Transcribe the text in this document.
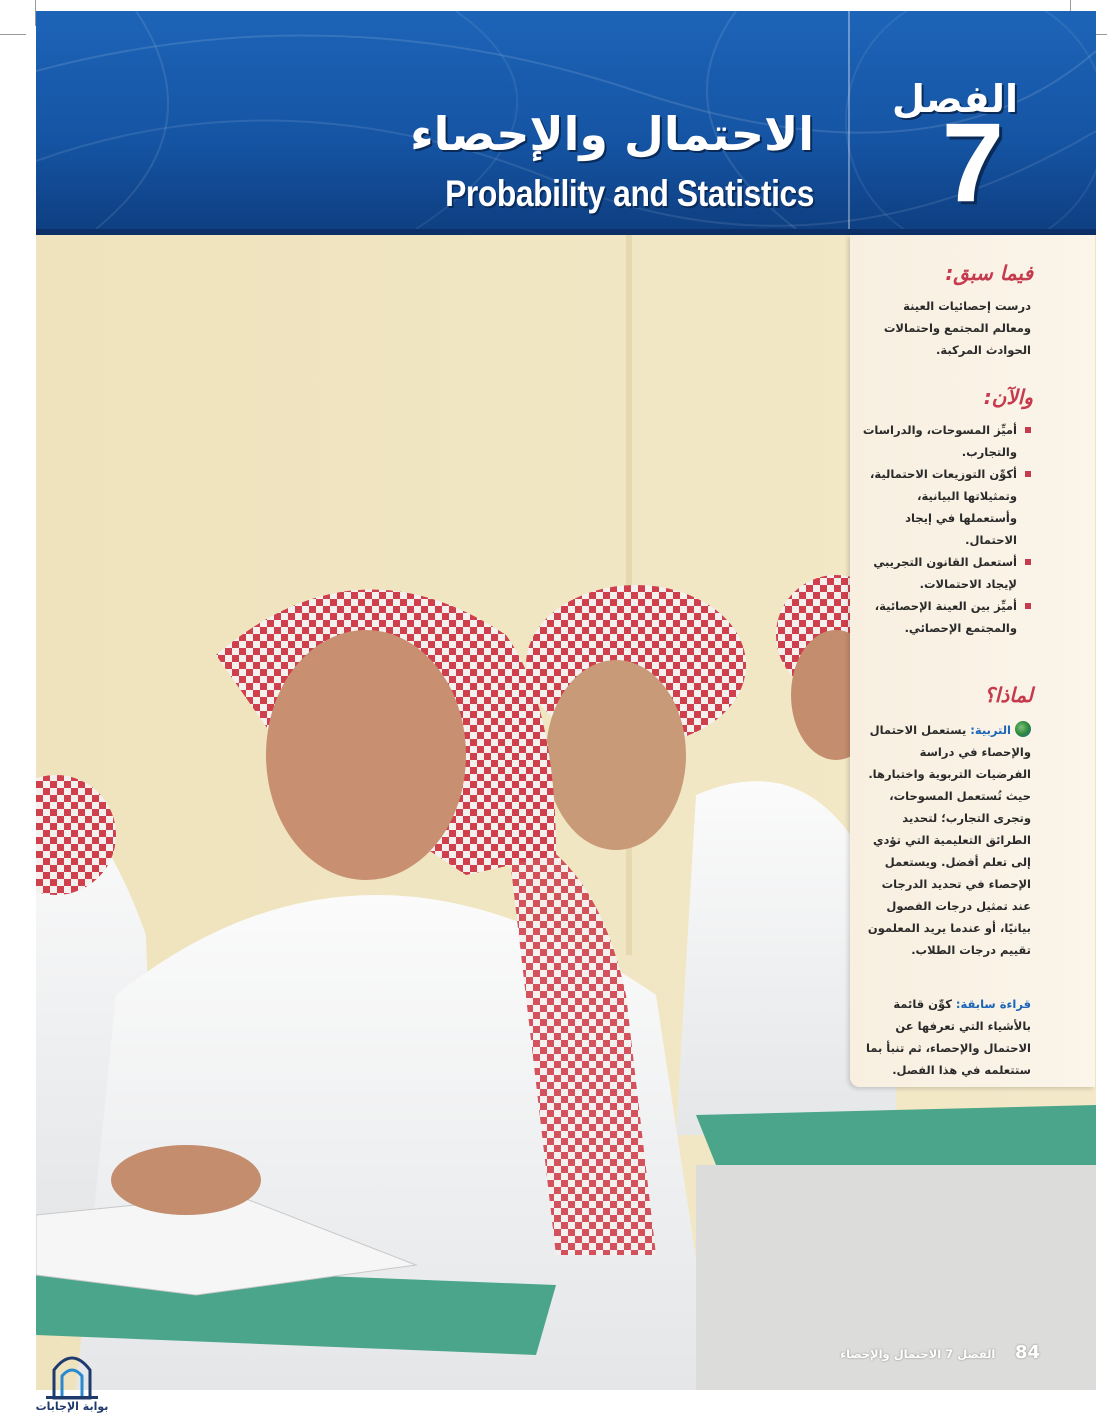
الاحتمال والإحصاء
Probability and Statistics
الفصل
7
فيما سبق:
درست إحصائيات العينة ومعالم المجتمع واحتمالات الحوادث المركبة.
والآن:
أميِّز المسوحات، والدراسات والتجارب.
أكوِّن التوزيعات الاحتمالية، وتمثيلاتها البيانية، وأستعملها في إيجاد الاحتمال.
أستعمل القانون التجريبي لإيجاد الاحتمالات.
أميِّز بين العينة الإحصائية، والمجتمع الإحصائي.
لماذا؟
التربية: يستعمل الاحتمال والإحصاء في دراسة الفرضيات التربوية واختبارها. حيث تُستعمل المسوحات، وتجرى التجارب؛ لتحديد الطرائق التعليمية التي تؤدي إلى تعلم أفضل. ويستعمل الإحصاء في تحديد الدرجات عند تمثيل درجات الفصول بيانيًا، أو عندما يريد المعلمون تقييم درجات الطلاب.
قراءة سابقة: كوِّن قائمة بالأشياء التي تعرفها عن الاحتمال والإحصاء، ثم تنبأ بما ستتعلمه في هذا الفصل.
84 الفصل 7 الاحتمال والإحصاء
بوابة الإجابات
